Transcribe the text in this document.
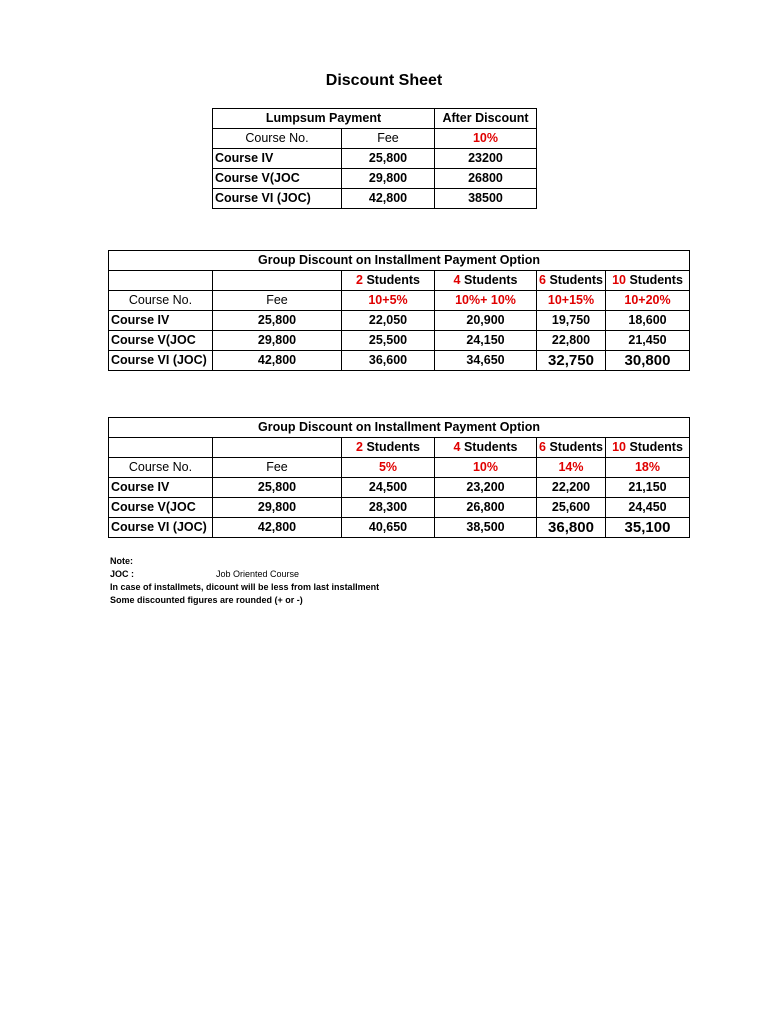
Discount Sheet
Lumpsum Payment		After Discount
Course No.	Fee	10%
Course IV	25,800	23200
Course V(JOC	29,800	26800
Course VI (JOC)	42,800	38500
Group Discount on Installment Payment Option					
		2 Students	4 Students	6 Students	10 Students
Course No.	Fee	10+5%	10%+ 10%	10+15%	10+20%
Course IV	25,800	22,050	20,900	19,750	18,600
Course V(JOC	29,800	25,500	24,150	22,800	21,450
Course VI (JOC)	42,800	36,600	34,650	32,750	30,800
Group Discount on Installment Payment Option					
		2 Students	4 Students	6 Students	10 Students
Course No.	Fee	5%	10%	14%	18%
Course IV	25,800	24,500	23,200	22,200	21,150
Course V(JOC	29,800	28,300	26,800	25,600	24,450
Course VI (JOC)	42,800	40,650	38,500	36,800	35,100
Note:
JOC :	Job Oriented Course
In case of installmets, dicount will be less from last installment
Some discounted figures are rounded (+ or -)
